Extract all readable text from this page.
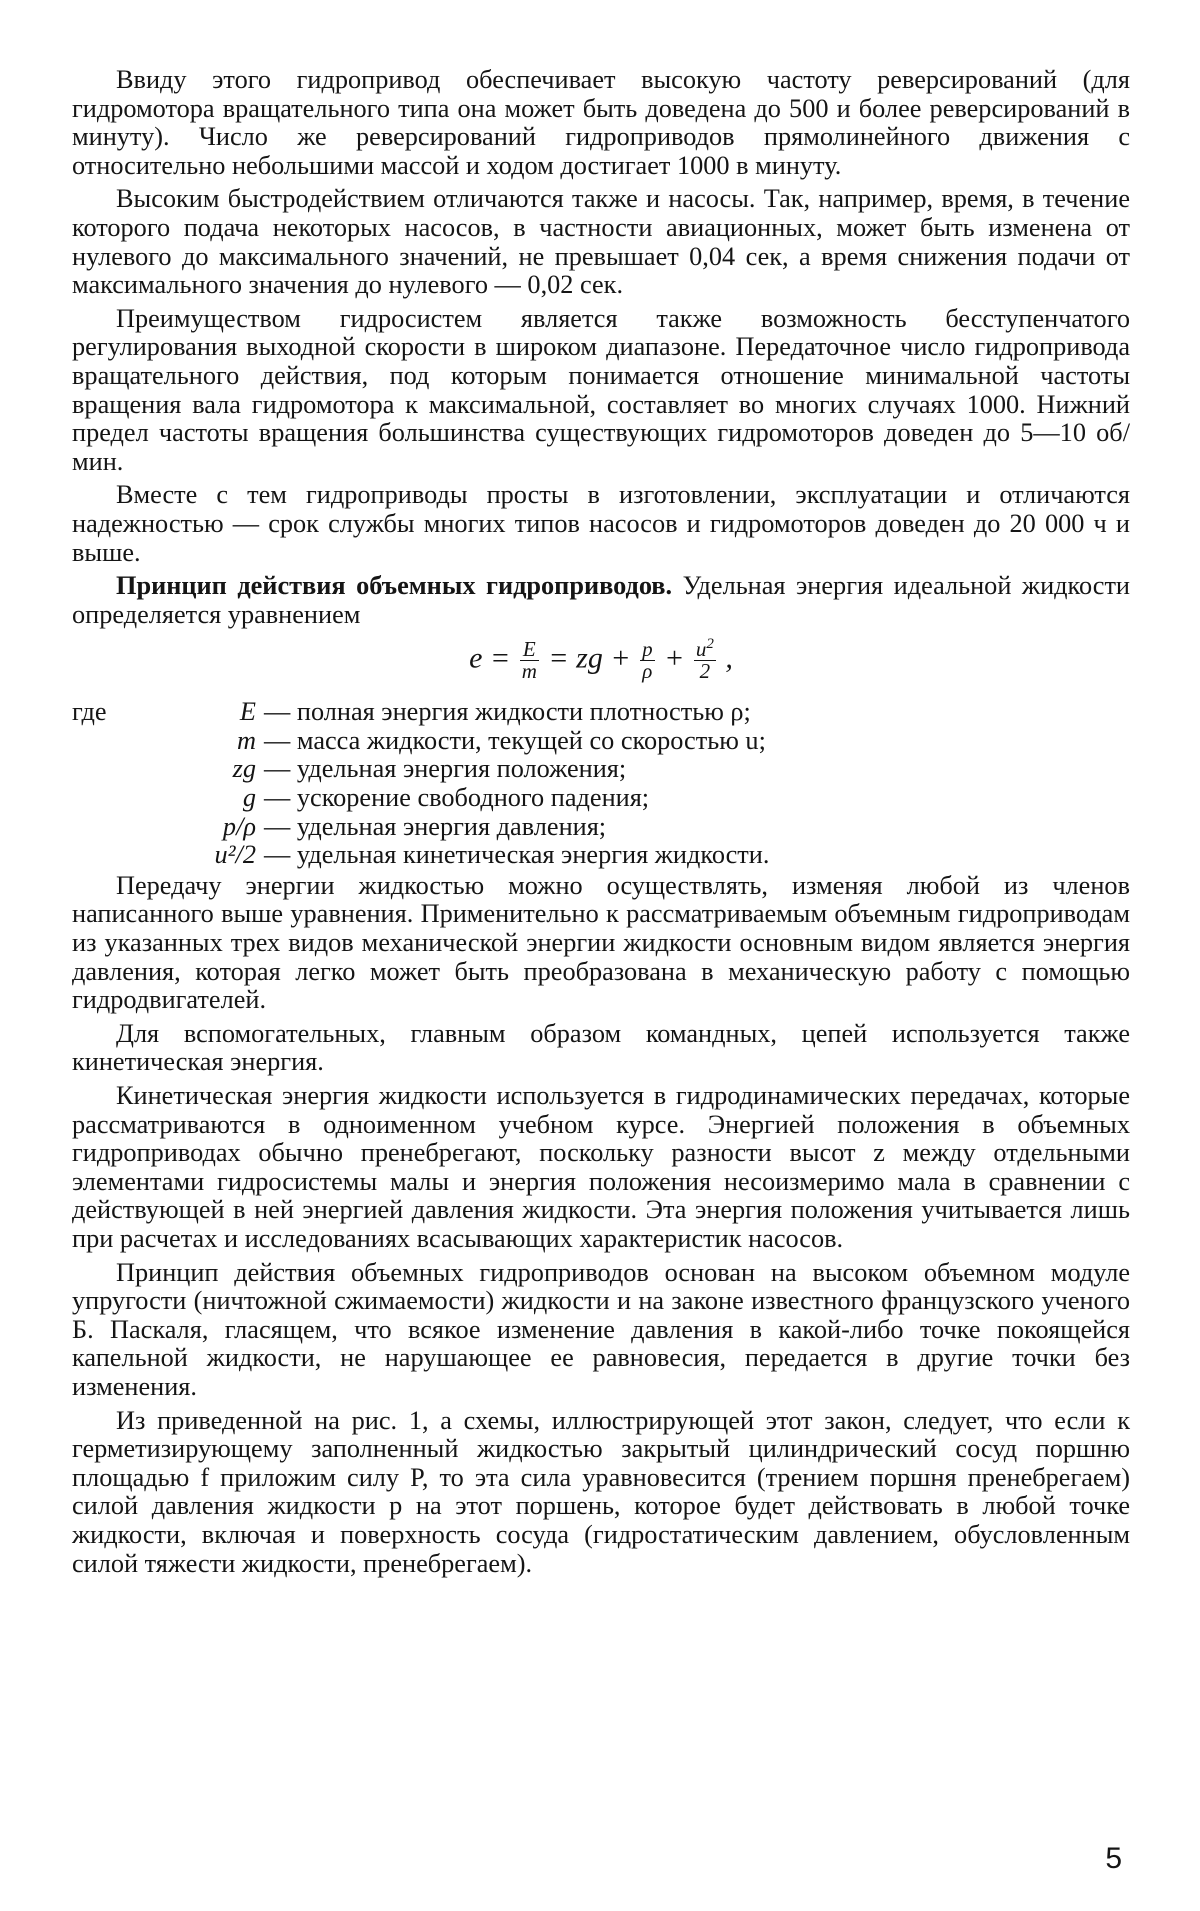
Ввиду этого гидропривод обеспечивает высокую частоту реверсирований (для гидромотора вращательного типа она может быть доведена до 500 и более реверсирований в минуту). Число же реверсирований гидроприводов прямолинейного движения с относительно небольшими массой и ходом достигает 1000 в минуту.

Высоким быстродействием отличаются также и насосы. Так, например, время, в течение которого подача некоторых насосов, в частности авиационных, может быть изменена от нулевого до максимального значений, не превышает 0,04 сек, а время снижения подачи от максимального значения до нулевого — 0,02 сек.

Преимуществом гидросистем является также возможность бесступенчатого регулирования выходной скорости в широком диапазоне. Передаточное число гидропривода вращательного действия, под которым понимается отношение минимальной частоты вращения вала гидромотора к максимальной, составляет во многих случаях 1000. Нижний предел частоты вращения большинства существующих гидромоторов доведен до 5—10 об/мин.

Вместе с тем гидроприводы просты в изготовлении, эксплуатации и отличаются надежностью — срок службы многих типов насосов и гидромоторов доведен до 20 000 ч и выше.

Принцип действия объемных гидроприводов. Удельная энергия идеальной жидкости определяется уравнением

$e = \frac{E}{m}$ = zg + $\frac{p}{\rho} + \frac{u^2}{2}$ ,
где	E — полная энергия жидкости плотностью ρ;
m — масса жидкости, текущей со скоростью u;
zg — удельная энергия положения;
g — ускорение свободного падения;
p/ρ — удельная энергия давления;
u²/2 — удельная кинетическая энергия жидкости.

Передачу энергии жидкостью можно осуществлять, изменяя любой из членов написанного выше уравнения. Применительно к рассматриваемым объемным гидроприводам из указанных трех видов механической энергии жидкости основным видом является энергия давления, которая легко может быть преобразована в механическую работу с помощью гидродвигателей.

Для вспомогательных, главным образом командных, цепей используется также кинетическая энергия.

Кинетическая энергия жидкости используется в гидродинамических передачах, которые рассматриваются в одноименном учебном курсе. Энергией положения в объемных гидроприводах обычно пренебрегают, поскольку разности высот z между отдельными элементами гидросистемы малы и энергия положения несоизмеримо мала в сравнении с действующей в ней энергией давления жидкости. Эта энергия положения учитывается лишь при расчетах и исследованиях всасывающих характеристик насосов.

Принцип действия объемных гидроприводов основан на высоком объемном модуле упругости (ничтожной сжимаемости) жидкости и на законе известного французского ученого Б. Паскаля, гласящем, что всякое изменение давления в какой-либо точке покоящейся капельной жидкости, не нарушающее ее равновесия, передается в другие точки без изменения.

Из приведенной на рис. 1, а схемы, иллюстрирующей этот закон, следует, что если к герметизирующему заполненный жидкостью закрытый цилиндрический сосуд поршню площадью f приложим силу P, то эта сила уравновесится (трением поршня пренебрегаем) силой давления жидкости p на этот поршень, которое будет действовать в любой точке жидкости, включая и поверхность сосуда (гидростатическим давлением, обусловленным силой тяжести жидкости, пренебрегаем).

5
